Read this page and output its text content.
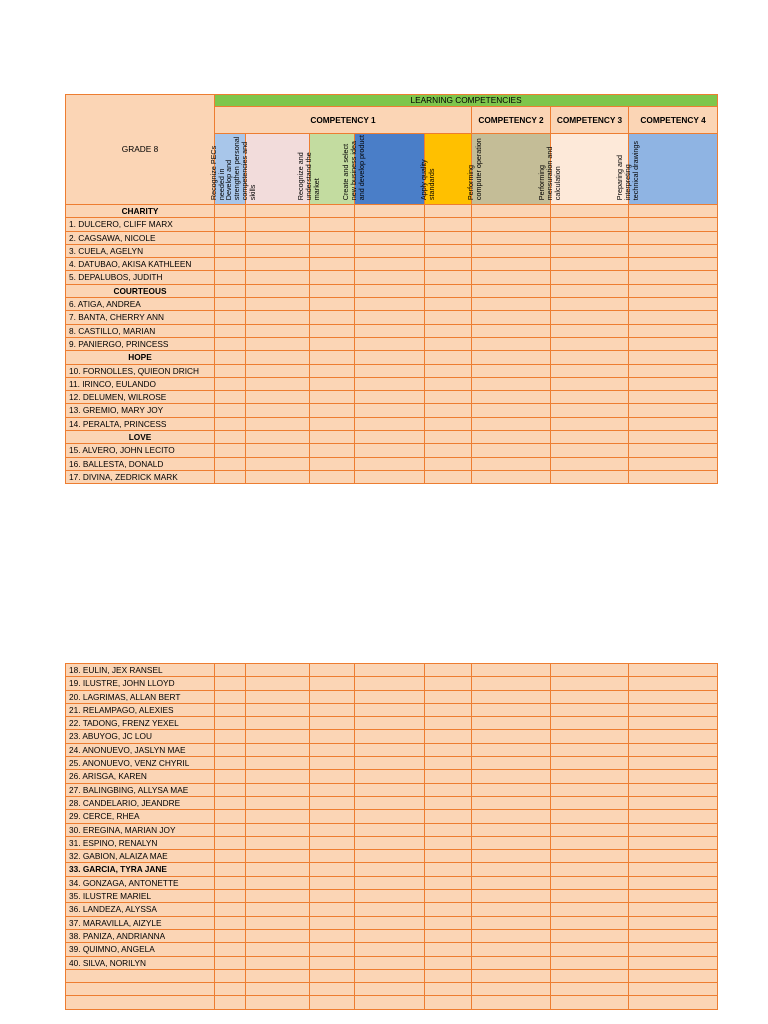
GRADE 8	LEARNING COMPETENCIES							
	COMPETENCY 1					COMPETENCY 2	COMPETENCY 3	COMPETENCY 4

	Recognize PECs needed in	Develop and strengthen personal competencies and skills	Recognize and understand the market	Create and select new business idea and develop product	Apply quality standards	Performing computer operation	Performing mensuration and calculation	Preparing and interpreting technical drawings

CHARITY								
1. DULCERO, CLIFF MARX								
2. CAGSAWA, NICOLE								
3. CUELA, AGELYN								
4. DATUBAO, AKISA KATHLEEN								
5. DEPALUBOS, JUDITH								
COURTEOUS								
6. ATIGA, ANDREA								
7. BANTA, CHERRY ANN								
8. CASTILLO, MARIAN								
9. PANIERGO, PRINCESS								
HOPE								
10. FORNOLLES, QUIEON DRICH								
11. IRINCO, EULANDO								
12. DELUMEN, WILROSE								
13. GREMIO, MARY JOY								
14. PERALTA, PRINCESS								
LOVE								
15. ALVERO, JOHN LECITO								
16. BALLESTA, DONALD								
17. DIVINA, ZEDRICK MARK								
18. EULIN, JEX RANSEL								
19. ILUSTRE, JOHN LLOYD								
20. LAGRIMAS, ALLAN BERT								
21. RELAMPAGO, ALEXIES								
22. TADONG, FRENZ YEXEL								
23. ABUYOG, JC LOU								
24. ANONUEVO, JASLYN MAE								
25. ANONUEVO, VENZ CHYRIL								
26. ARISGA, KAREN								
27. BALINGBING, ALLYSA MAE								
28. CANDELARIO, JEANDRE								
29. CERCE, RHEA								
30. EREGINA, MARIAN JOY								
31. ESPINO, RENALYN								
32. GABION, ALAIZA MAE								
33. GARCIA, TYRA JANE								
34. GONZAGA, ANTONETTE								
35. ILUSTRE MARIEL								
36. LANDEZA, ALYSSA								
37. MARAVILLA, AIZYLE								
38. PANIZA, ANDRIANNA								
39. QUIMNO, ANGELA								
40. SILVA, NORILYN								
